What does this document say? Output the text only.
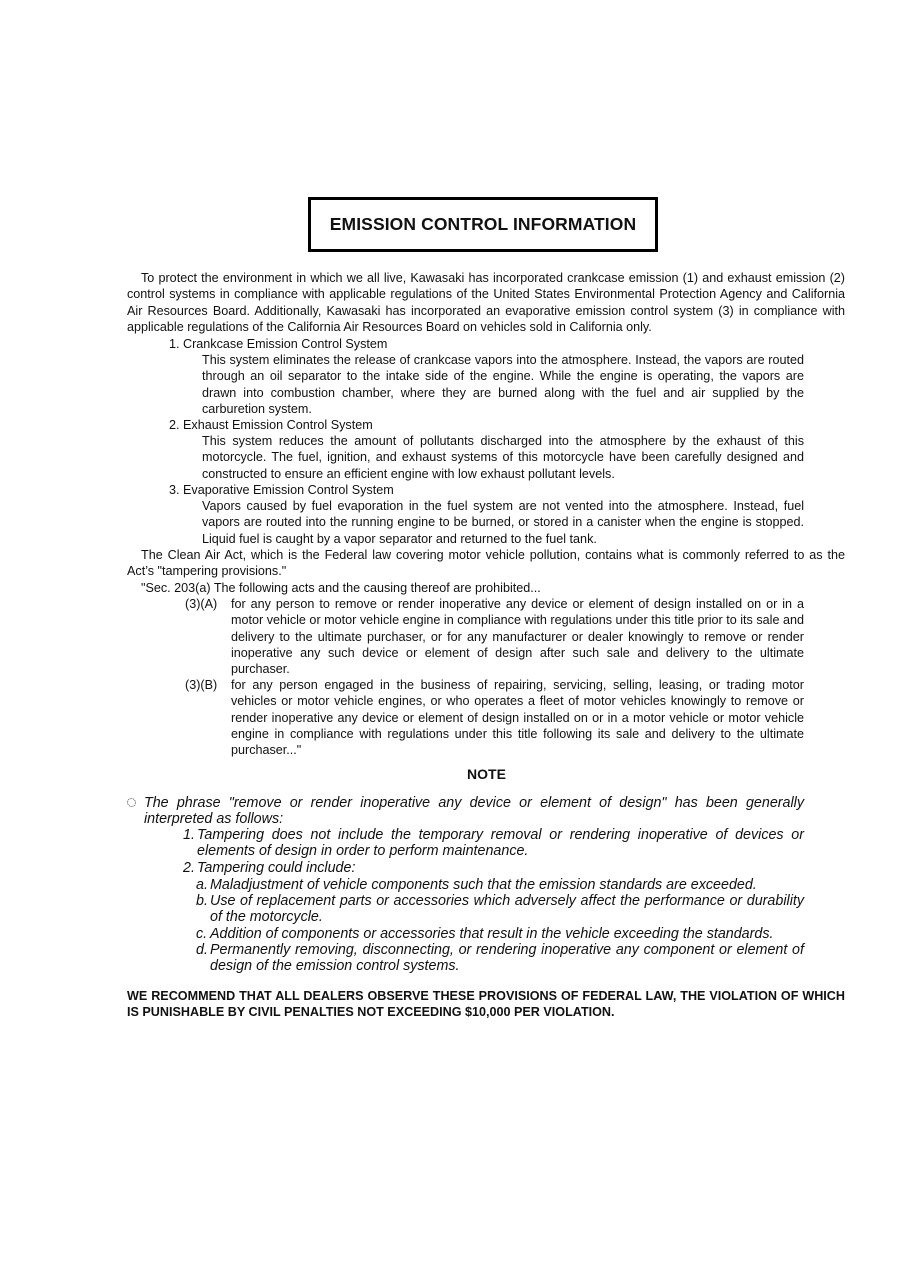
EMISSION CONTROL INFORMATION

To protect the environment in which we all live, Kawasaki has incorporated crankcase emission (1) and exhaust emission (2) control systems in compliance with applicable regulations of the United States Environmental Protection Agency and California Air Resources Board. Additionally, Kawasaki has incorporated an evaporative emission control system (3) in compliance with applicable regulations of the California Air Resources Board on vehicles sold in California only.

1. Crankcase Emission Control System

This system eliminates the release of crankcase vapors into the atmosphere. Instead, the vapors are routed through an oil separator to the intake side of the engine. While the engine is operating, the vapors are drawn into combustion chamber, where they are burned along with the fuel and air supplied by the carburetion system.

2. Exhaust Emission Control System

This system reduces the amount of pollutants discharged into the atmosphere by the exhaust of this motorcycle. The fuel, ignition, and exhaust systems of this motorcycle have been carefully designed and constructed to ensure an efficient engine with low exhaust pollutant levels.

3. Evaporative Emission Control System

Vapors caused by fuel evaporation in the fuel system are not vented into the atmosphere. Instead, fuel vapors are routed into the running engine to be burned, or stored in a canister when the engine is stopped. Liquid fuel is caught by a vapor separator and returned to the fuel tank.

The Clean Air Act, which is the Federal law covering motor vehicle pollution, contains what is commonly referred to as the Act’s "tampering provisions."

"Sec. 203(a) The following acts and the causing thereof are prohibited...

(3)(A)	for any person to remove or render inoperative any device or element of design installed on or in a motor vehicle or motor vehicle engine in compliance with regulations under this title prior to its sale and delivery to the ultimate purchaser, or for any manufacturer or dealer knowingly to remove or render inoperative any such device or element of design after such sale and delivery to the ultimate purchaser.
(3)(B)	for any person engaged in the business of repairing, servicing, selling, leasing, or trading motor vehicles or motor vehicle engines, or who operates a fleet of motor vehicles knowingly to remove or render inoperative any device or element of design installed on or in a motor vehicle or motor vehicle engine in compliance with regulations under this title following its sale and delivery to the ultimate purchaser..."
NOTE

The phrase "remove or render inoperative any device or element of design" has been generally interpreted as follows:

1. Tampering does not include the temporary removal or rendering inoperative of devices or elements of design in order to perform maintenance.
2. Tampering could include:
a. Maladjustment of vehicle components such that the emission standards are exceeded.
b. Use of replacement parts or accessories which adversely affect the performance or durability of the motorcycle.
c. Addition of components or accessories that result in the vehicle exceeding the standards.
d. Permanently removing, disconnecting, or rendering inoperative any component or element of design of the emission control systems.

WE RECOMMEND THAT ALL DEALERS OBSERVE THESE PROVISIONS OF FEDERAL LAW, THE VIOLATION OF WHICH IS PUNISHABLE BY CIVIL PENALTIES NOT EXCEEDING $10,000 PER VIOLATION.
